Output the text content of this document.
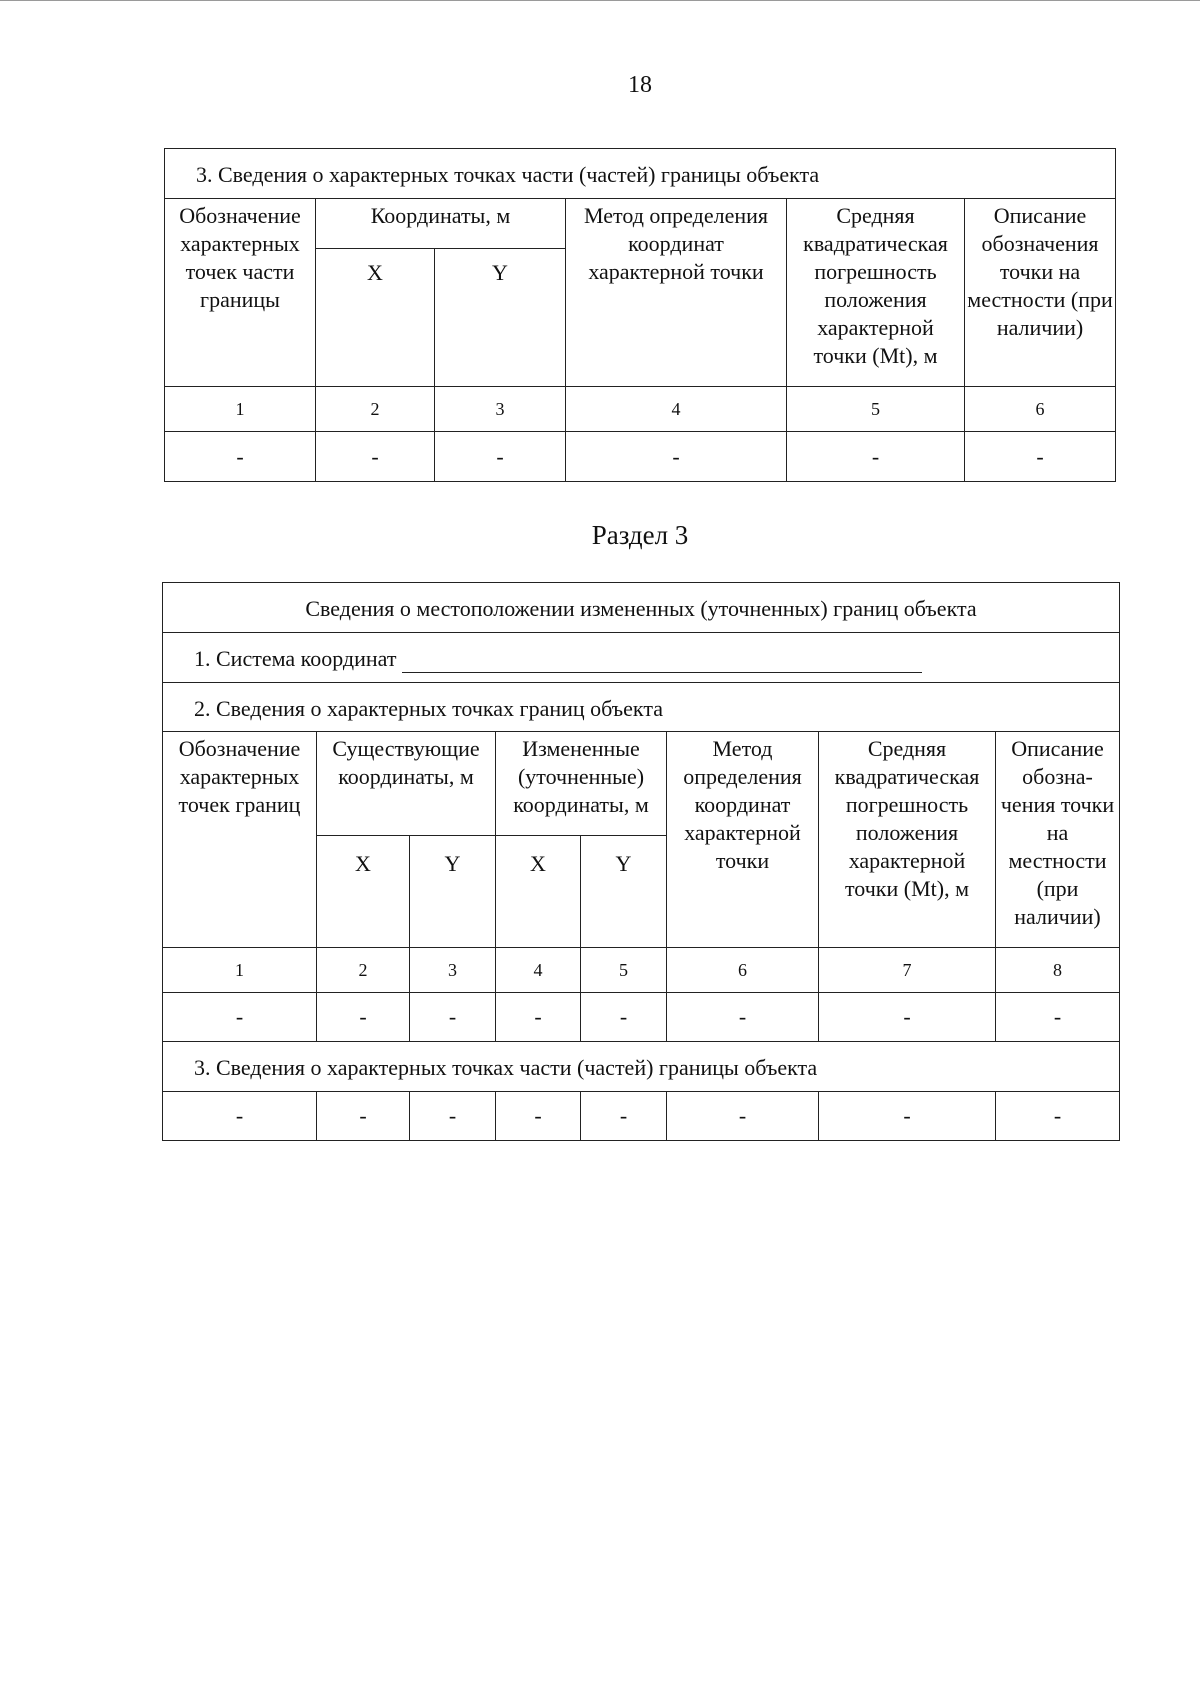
18
3. Сведения о характерных точках части (частей) границы объекта					
Обозначение характерных точек части границы	Координаты, м		Метод определения координат характерной точки	Средняя квадратическая погрешность положения характерной точки (Mt), м	Описание обозначения точки на местности (при наличии)
	X	Y			
1	2	3	4	5	6
-	-	-	-	-	-
Раздел 3
Сведения о местоположении измененных (уточненных) границ объекта							
1. Система координат							
2. Сведения о характерных точках границ объекта							
Обозначение характерных точек границ	Существующие координаты, м		Измененные (уточненные) координаты, м		Метод определения координат характерной точки	Средняя квадратическая погрешность положения характерной точки (Mt), м	Описание обозна-чения точки на местности (при наличии)
	X	Y	X	Y			
1	2	3	4	5	6	7	8
-	-	-	-	-	-	-	-
3. Сведения о характерных точках части (частей) границы объекта							
-	-	-	-	-	-	-	-
